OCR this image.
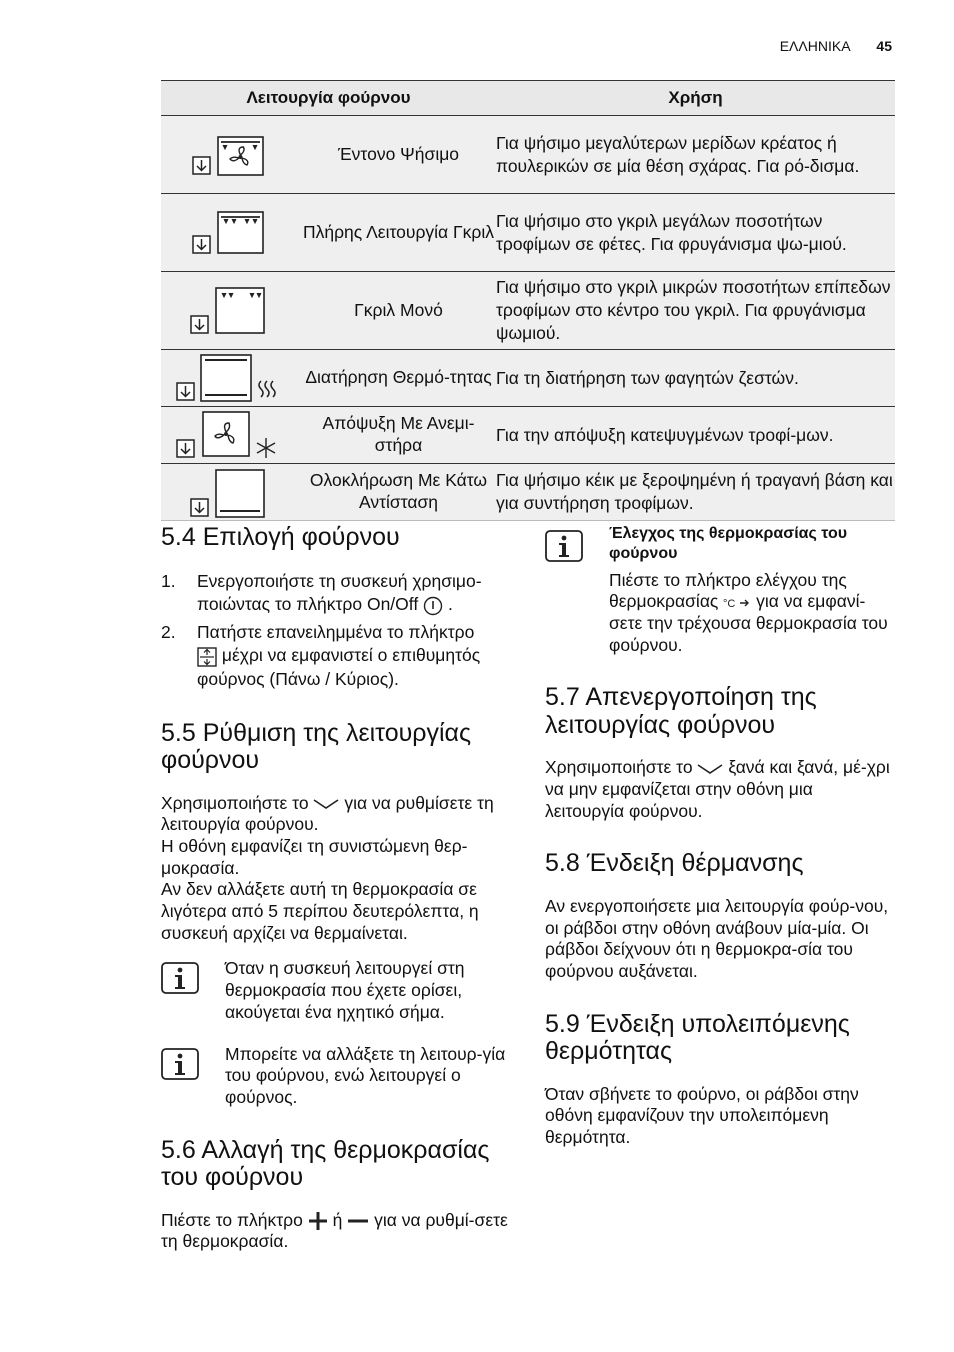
ΕΛΛΗΝΙΚΑ 45
Λειτουργία φούρνου		Χρήση

	Έντονο Ψήσιμο	Για ψήσιμο μεγαλύτερων μερίδων κρέατος ή πουλερικών σε μία θέση σχάρας. Για ρό-δισμα.

	Πλήρης Λειτουργία Γκριλ	Για ψήσιμο στο γκριλ μεγάλων ποσοτήτων τροφίμων σε φέτες. Για φρυγάνισμα ψω-μιού.

	Γκριλ Μονό	Για ψήσιμο στο γκριλ μικρών ποσοτήτων επίπεδων τροφίμων στο κέντρο του γκριλ. Για φρυγάνισμα ψωμιού.

	Διατήρηση Θερμό-τητας	Για τη διατήρηση των φαγητών ζεστών.

	Απόψυξη Με Ανεμι-στήρα	Για την απόψυξη κατεψυγμένων τροφί-μων.

	Ολοκλήρωση Με Κάτω Αντίσταση	Για ψήσιμο κέικ με ξεροψημένη ή τραγανή βάση και για συντήρηση τροφίμων.
5.4 Επιλογή φούρνου
1. Ενεργοποιήστε τη συσκευή χρησιμο-ποιώντας το πλήκτρο On/Off .
2. Πατήστε επανειλημμένα το πλήκτρο
μέχρι να εμφανιστεί ο επιθυμητός φούρνος (Πάνω / Κύριος).
5.5 Ρύθμιση της λειτουργίας φούρνου

Χρησιμοποιήστε το για να ρυθμίσετε τη λειτουργία φούρνου.

Η οθόνη εμφανίζει τη συνιστώμενη θερ-μοκρασία.

Αν δεν αλλάξετε αυτή τη θερμοκρασία σε λιγότερα από 5 περίπου δευτερόλεπτα, η συσκευή αρχίζει να θερμαίνεται.

Όταν η συσκευή λειτουργεί στη θερμοκρασία που έχετε ορίσει, ακούγεται ένα ηχητικό σήμα.
Μπορείτε να αλλάξετε τη λειτουρ-γία του φούρνου, ενώ λειτουργεί ο φούρνος.
5.6 Αλλαγή της θερμοκρασίας του φούρνου

Πιέστε το πλήκτρο ή για να ρυθμί-σετε τη θερμοκρασία.

Έλεγχος της θερμοκρασίας του φούρνου
Πιέστε το πλήκτρο ελέγχου της θερμοκρασίας °C για να εμφανί-σετε την τρέχουσα θερμοκρασία του φούρνου.
5.7 Απενεργοποίηση της λειτουργίας φούρνου

Χρησιμοποιήστε το ξανά και ξανά, μέ-χρι να μην εμφανίζεται στην οθόνη μια λειτουργία φούρνου.

5.8 Ένδειξη θέρμανσης

Αν ενεργοποιήσετε μια λειτουργία φούρ-νου, οι ράβδοι στην οθόνη ανάβουν μία-μία. Οι ράβδοι δείχνουν ότι η θερμοκρα-σία του φούρνου αυξάνεται.

5.9 Ένδειξη υπολειπόμενης θερμότητας

Όταν σβήνετε το φούρνο, οι ράβδοι στην οθόνη εμφανίζουν την υπολειπόμενη θερμότητα.
